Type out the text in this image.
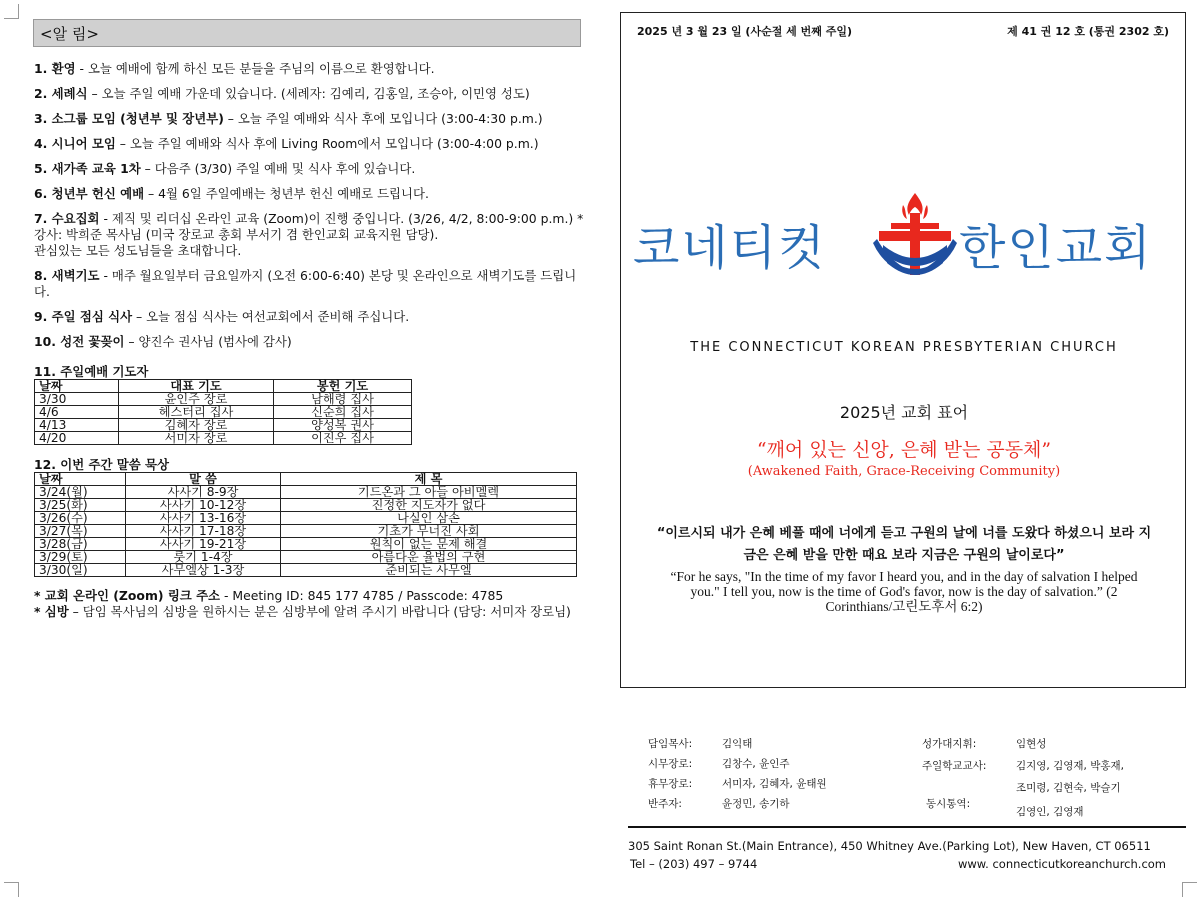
<알 림>
1. 환영 - 오늘 예배에 함께 하신 모든 분들을 주님의 이름으로 환영합니다.
2. 세례식 – 오늘 주일 예배 가운데 있습니다. (세례자: 김예리, 김홍일, 조승아, 이민영 성도)
3. 소그룹 모임 (청년부 및 장년부) – 오늘 주일 예배와 식사 후에 모입니다 (3:00-4:30 p.m.)
4. 시니어 모임 – 오늘 주일 예배와 식사 후에 Living Room에서 모입니다 (3:00-4:00 p.m.)
5. 새가족 교육 1차 – 다음주 (3/30) 주일 예배 및 식사 후에 있습니다.
6. 청년부 헌신 예배 – 4월 6일 주일예배는 청년부 헌신 예배로 드립니다.
7. 수요집회 - 제직 및 리더십 온라인 교육 (Zoom)이 진행 중입니다. (3/26, 4/2, 8:00-9:00 p.m.) *강사: 박희준 목사님 (미국 장로교 총회 부서기 겸 한인교회 교육지원 담당).
관심있는 모든 성도님들을 초대합니다.
8. 새벽기도 - 매주 월요일부터 금요일까지 (오전 6:00-6:40) 본당 및 온라인으로 새벽기도를 드립니다.
9. 주일 점심 식사 – 오늘 점심 식사는 여선교회에서 준비해 주십니다.
10. 성전 꽃꽂이 – 양진수 권사님 (범사에 감사)
11. 주일예배 기도자
날짜	대표 기도	봉헌 기도
3/30	윤인주 장로	남해령 집사
4/6	헤스터리 집사	신순희 집사
4/13	김혜자 장로	양성복 권사
4/20	서미자 장로	이진우 집사
12. 이번 주간 말씀 묵상
날짜	말 씀	제 목
3/24(월)	사사기 8-9장	기드온과 그 아들 아비멜렉
3/25(화)	사사기 10-12장	진정한 지도자가 없다
3/26(수)	사사기 13-16장	나실인 삼손
3/27(목)	사사기 17-18장	기초가 무너진 사회
3/28(금)	사사기 19-21장	원칙이 없는 문제 해결
3/29(토)	룻기 1-4장	아름다운 율법의 구현
3/30(일)	사무엘상 1-3장	준비되는 사무엘
* 교회 온라인 (Zoom) 링크 주소 - Meeting ID: 845 177 4785 / Passcode: 4785
* 심방 – 담임 목사님의 심방을 원하시는 분은 심방부에 알려 주시기 바랍니다 (담당: 서미자 장로님)
2025 년 3 월 23 일 (사순절 세 번째 주일)	제 41 권 12 호 (통권 2302 호)
코네티컷	한인교회
THE CONNECTICUT KOREAN PRESBYTERIAN CHURCH
2025년 교회 표어
“깨어 있는 신앙, 은혜 받는 공동체”
(Awakened Faith, Grace-Receiving Community)
“이르시되 내가 은혜 베풀 때에 너에게 듣고 구원의 날에 너를 도왔다 하셨으니 보라 지금은 은혜 받을 만한 때요 보라 지금은 구원의 날이로다”
“For he says, "In the time of my favor I heard you, and in the day of salvation I helped you." I tell you, now is the time of God's favor, now is the day of salvation.” (2 Corinthians/고린도후서 6:2)
담임목사:	김익태
시무장로:	김창수, 윤인주
휴무장로:	서미자, 김혜자, 윤태원
반주자:	윤정민, 송기하
성가대지휘:	임현성
주일학교교사:	김지영, 김영재, 박홍재,
조미령, 김현숙, 박슬기
동시통역:
김영인, 김영재
305 Saint Ronan St.(Main Entrance), 450 Whitney Ave.(Parking Lot), New Haven, CT 06511
Tel – (203) 497 – 9744	www. connecticutkoreanchurch.com
